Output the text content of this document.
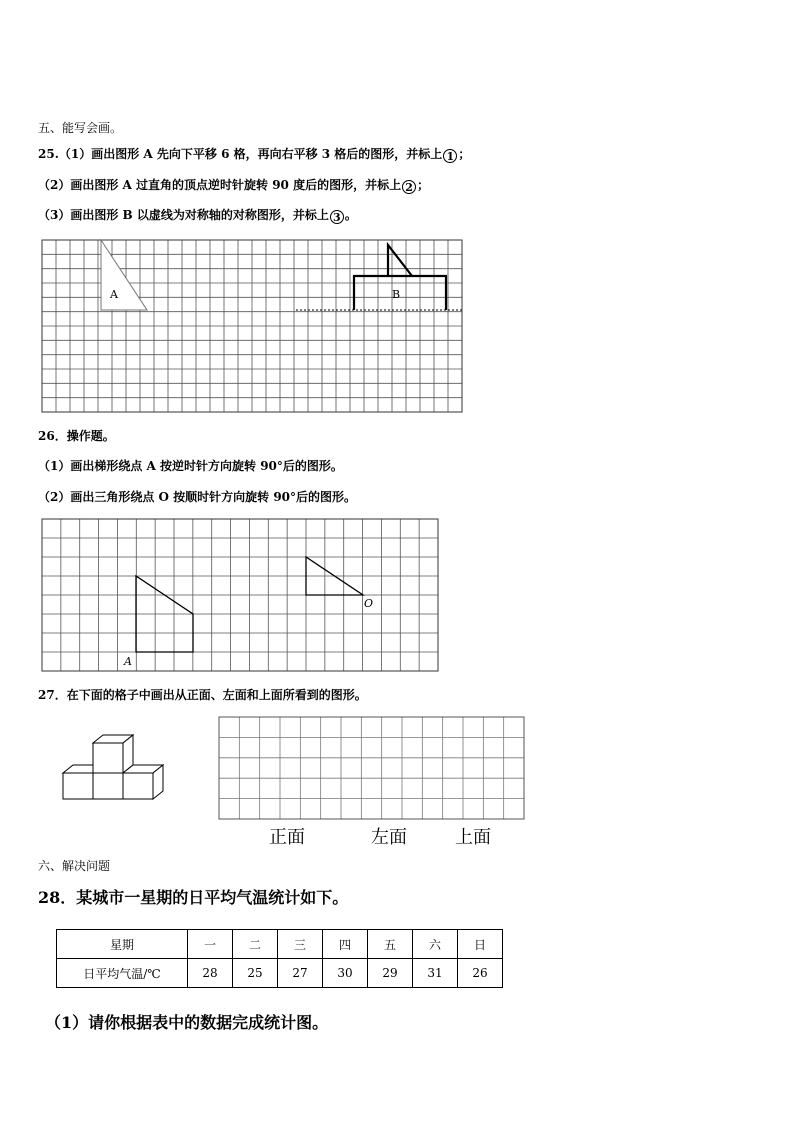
五、能写会画。
25.（1）画出图形 A 先向下平移 6 格，再向右平移 3 格后的图形，并标上 1 ；
（2）画出图形 A 过直角的顶点逆时针旋转 90 度后的图形，并标上 2 ；
（3）画出图形 B 以虚线为对称轴的对称图形，并标上 3 。
A	B
26．操作题。
（1）画出梯形绕点 A 按逆时针方向旋转 90°后的图形。
（2）画出三角形绕点 O 按顺时针方向旋转 90°后的图形。
O
A
27．在下面的格子中画出从正面、左面和上面所看到的图形。
正面	左面	上面
六、解决问题
28．某城市一星期的日平均气温统计如下。
星期	一	二	三	四	五	六	日
日平均气温/℃	28	25	27	30	29	31	26
（1）请你根据表中的数据完成统计图。
